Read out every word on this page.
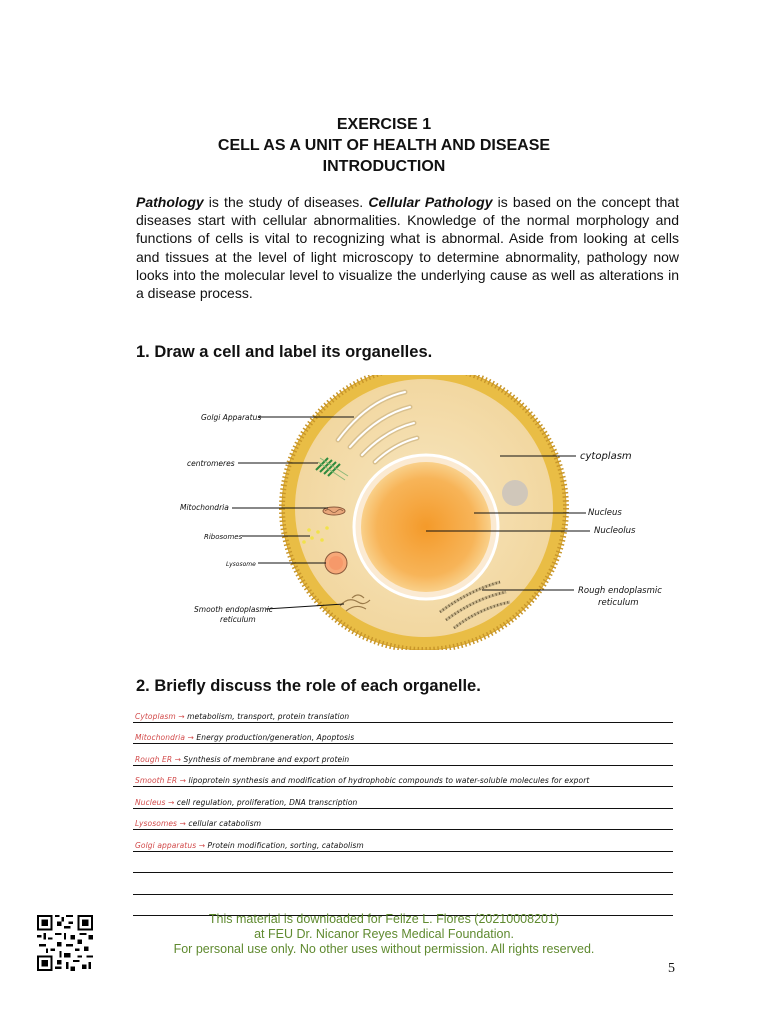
EXERCISE 1
CELL AS A UNIT OF HEALTH AND DISEASE
INTRODUCTION
Pathology is the study of diseases. Cellular Pathology is based on the concept that diseases start with cellular abnormalities. Knowledge of the normal morphology and functions of cells is vital to recognizing what is abnormal. Aside from looking at cells and tissues at the level of light microscopy to determine abnormality, pathology now looks into the molecular level to visualize the underlying cause as well as alterations in a disease process.
1. Draw a cell and label its organelles.
Golgi Apparatus
centromeres
Mitochondria
Ribosomes
Lysosome
Smooth endoplasmic
reticulum
cytoplasm
Nucleus
Nucleolus
Rough endoplasmic
reticulum
2. Briefly discuss the role of each organelle.
Cytoplasm → metabolism, transport, protein translation
Mitochondria → Energy production/generation, Apoptosis
Rough ER → Synthesis of membrane and export protein
Smooth ER → lipoprotein synthesis and modification of hydrophobic compounds to water-soluble molecules for export
Nucleus → cell regulation, proliferation, DNA transcription
Lysosomes → cellular catabolism
Golgi apparatus → Protein modification, sorting, catabolism
This material is downloaded for Felize L. Flores (20210008201)
at FEU Dr. Nicanor Reyes Medical Foundation.
For personal use only. No other uses without permission. All rights reserved.
5
